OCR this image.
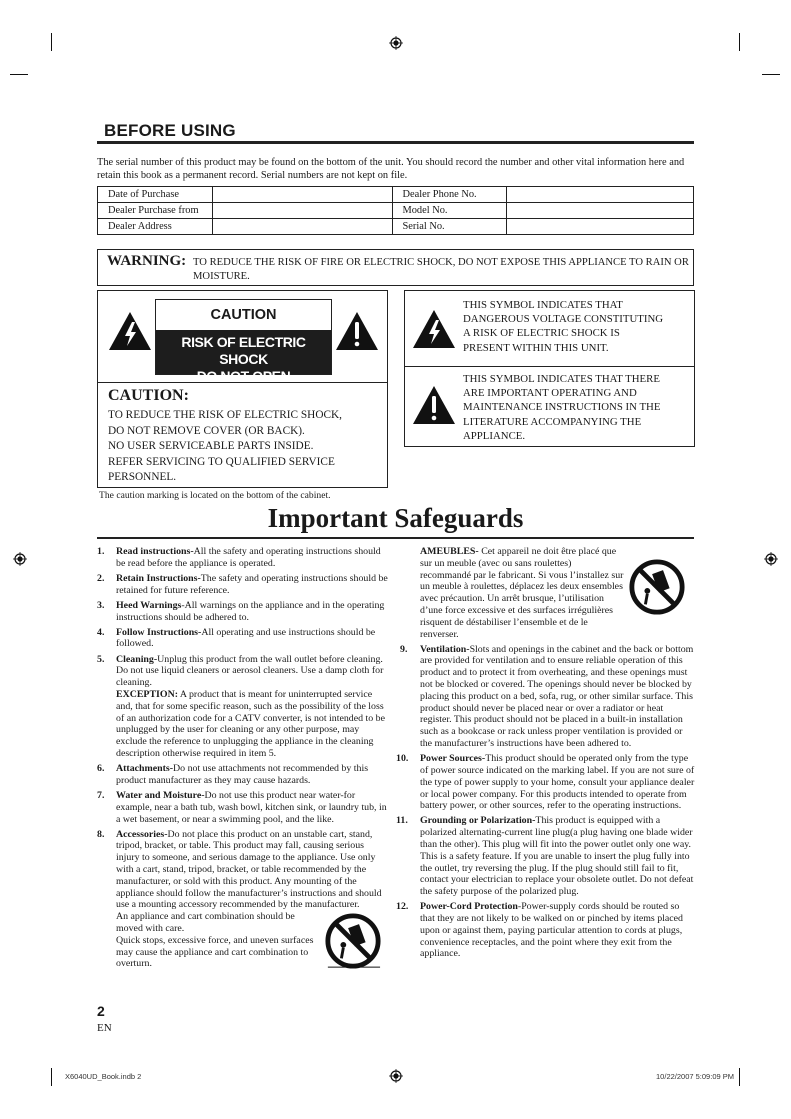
BEFORE USING
The serial number of this product may be found on the bottom of the unit. You should record the number and other vital information here and retain this book as a permanent record. Serial numbers are not kept on file.
Date of Purchase		Dealer Phone No.	
Dealer Purchase from		Model No.	
Dealer Address		Serial No.	
WARNING: TO REDUCE THE RISK OF FIRE OR ELECTRIC SHOCK, DO NOT EXPOSE THIS APPLIANCE TO RAIN OR MOISTURE.
CAUTION
RISK OF ELECTRIC SHOCK
DO NOT OPEN
CAUTION:
TO REDUCE THE RISK OF ELECTRIC SHOCK,
DO NOT REMOVE COVER (OR BACK).
NO USER SERVICEABLE PARTS INSIDE.
REFER SERVICING TO QUALIFIED SERVICE
PERSONNEL.
The caution marking is located on the bottom of the cabinet.
THIS SYMBOL INDICATES THAT
DANGEROUS VOLTAGE CONSTITUTING
A RISK OF ELECTRIC SHOCK IS
PRESENT WITHIN THIS UNIT.
THIS SYMBOL INDICATES THAT THERE
ARE IMPORTANT OPERATING AND
MAINTENANCE INSTRUCTIONS IN THE
LITERATURE ACCOMPANYING THE
APPLIANCE.
Important Safeguards
1. Read instructions-All the safety and operating instructions should be read before the appliance is operated.
2. Retain Instructions-The safety and operating instructions should be retained for future reference.
3. Heed Warnings-All warnings on the appliance and in the operating instructions should be adhered to.
4. Follow Instructions-All operating and use instructions should be followed.
5. Cleaning-Unplug this product from the wall outlet before cleaning. Do not use liquid cleaners or aerosol cleaners. Use a damp cloth for cleaning.
EXCEPTION: A product that is meant for uninterrupted service and, that for some specific reason, such as the possibility of the loss of an authorization code for a CATV converter, is not intended to be unplugged by the user for cleaning or any other purpose, may exclude the reference to unplugging the appliance in the cleaning description otherwise required in item 5.
6. Attachments-Do not use attachments not recommended by this product manufacturer as they may cause hazards.
7. Water and Moisture-Do not use this product near water-for example, near a bath tub, wash bowl, kitchen sink, or laundry tub, in a wet basement, or near a swimming pool, and the like.
8. Accessories-Do not place this product on an unstable cart, stand, tripod, bracket, or table. This product may fall, causing serious injury to someone, and serious damage to the appliance. Use only with a cart, stand, tripod, bracket, or table recommended by the manufacturer, or sold with this product. Any mounting of the appliance should follow the manufacturer’s instructions and should use a mounting accessory recommended by the manufacturer.
An appliance and cart combination should be moved with care.
Quick stops, excessive force, and uneven surfaces may cause the appliance and cart combination to overturn.
AMEUBLES- Cet appareil ne doit être placé que sur un meuble (avec ou sans roulettes) recommandé par le fabricant. Si vous l’installez sur un meuble à roulettes, déplacez les deux ensembles avec précaution. Un arrêt brusque, l’utilisation d’une force excessive et des surfaces irrégulières risquent de déstabiliser l’ensemble et de le renverser.
9. Ventilation-Slots and openings in the cabinet and the back or bottom are provided for ventilation and to ensure reliable operation of this product and to protect it from overheating, and these openings must not be blocked or covered. The openings should never be blocked by placing this product on a bed, sofa, rug, or other similar surface. This product should never be placed near or over a radiator or heat register. This product should not be placed in a built-in installation such as a bookcase or rack unless proper ventilation is provided or the manufacturer’s instructions have been adhered to.
10. Power Sources-This product should be operated only from the type of power source indicated on the marking label. If you are not sure of the type of power supply to your home, consult your appliance dealer or local power company. For this products intended to operate from battery power, or other sources, refer to the operating instructions.
11. Grounding or Polarization-This product is equipped with a polarized alternating-current line plug(a plug having one blade wider than the other). This plug will fit into the power outlet only one way. This is a safety feature. If you are unable to insert the plug fully into the outlet, try reversing the plug. If the plug should still fail to fit, contact your electrician to replace your obsolete outlet. Do not defeat the safety purpose of the polarized plug.
12. Power-Cord Protection-Power-supply cords should be routed so that they are not likely to be walked on or pinched by items placed upon or against them, paying particular attention to cords at plugs, convenience receptacles, and the point where they exit from the appliance.
2
EN
X6040UD_Book.indb 2	10/22/2007 5:09:09 PM
